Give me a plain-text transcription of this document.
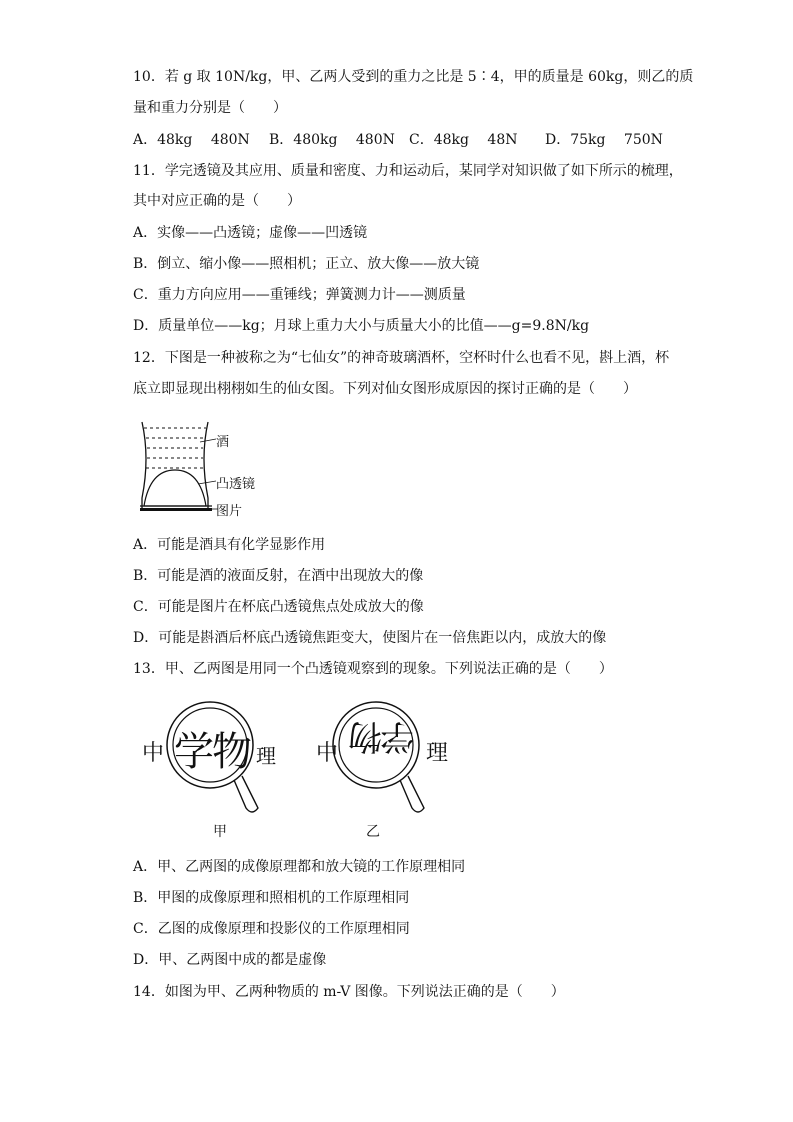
10．若 g 取 10N/kg，甲、乙两人受到的重力之比是 5∶4，甲的质量是 60kg，则乙的质
量和重力分别是（　　）
A．48kg　 480N B．480kg　 480N C．48kg　 48N D．75kg　 750N
11．学完透镜及其应用、质量和密度、力和运动后，某同学对知识做了如下所示的梳理，
其中对应正确的是（　　）
A．实像——凸透镜；虚像——凹透镜
B．倒立、缩小像——照相机；正立、放大像——放大镜
C．重力方向应用——重锤线；弹簧测力计——测质量
D．质量单位——kg；月球上重力大小与质量大小的比值——g=9.8N/kg
12．下图是一种被称之为“七仙女”的神奇玻璃酒杯，空杯时什么也看不见，斟上酒，杯
底立即显现出栩栩如生的仙女图。下列对仙女图形成原因的探讨正确的是（　　）
酒
凸透镜
图片
A．可能是酒具有化学显影作用
B．可能是酒的液面反射，在酒中出现放大的像
C．可能是图片在杯底凸透镜焦点处成放大的像
D．可能是斟酒后杯底凸透镜焦距变大，使图片在一倍焦距以内，成放大的像
13．甲、乙两图是用同一个凸透镜观察到的现象。下列说法正确的是（　　）
中 学物 理
甲
中 学物 理
乙
A．甲、乙两图的成像原理都和放大镜的工作原理相同
B．甲图的成像原理和照相机的工作原理相同
C．乙图的成像原理和投影仪的工作原理相同
D．甲、乙两图中成的都是虚像
14．如图为甲、乙两种物质的 m-V 图像。下列说法正确的是（　　）
